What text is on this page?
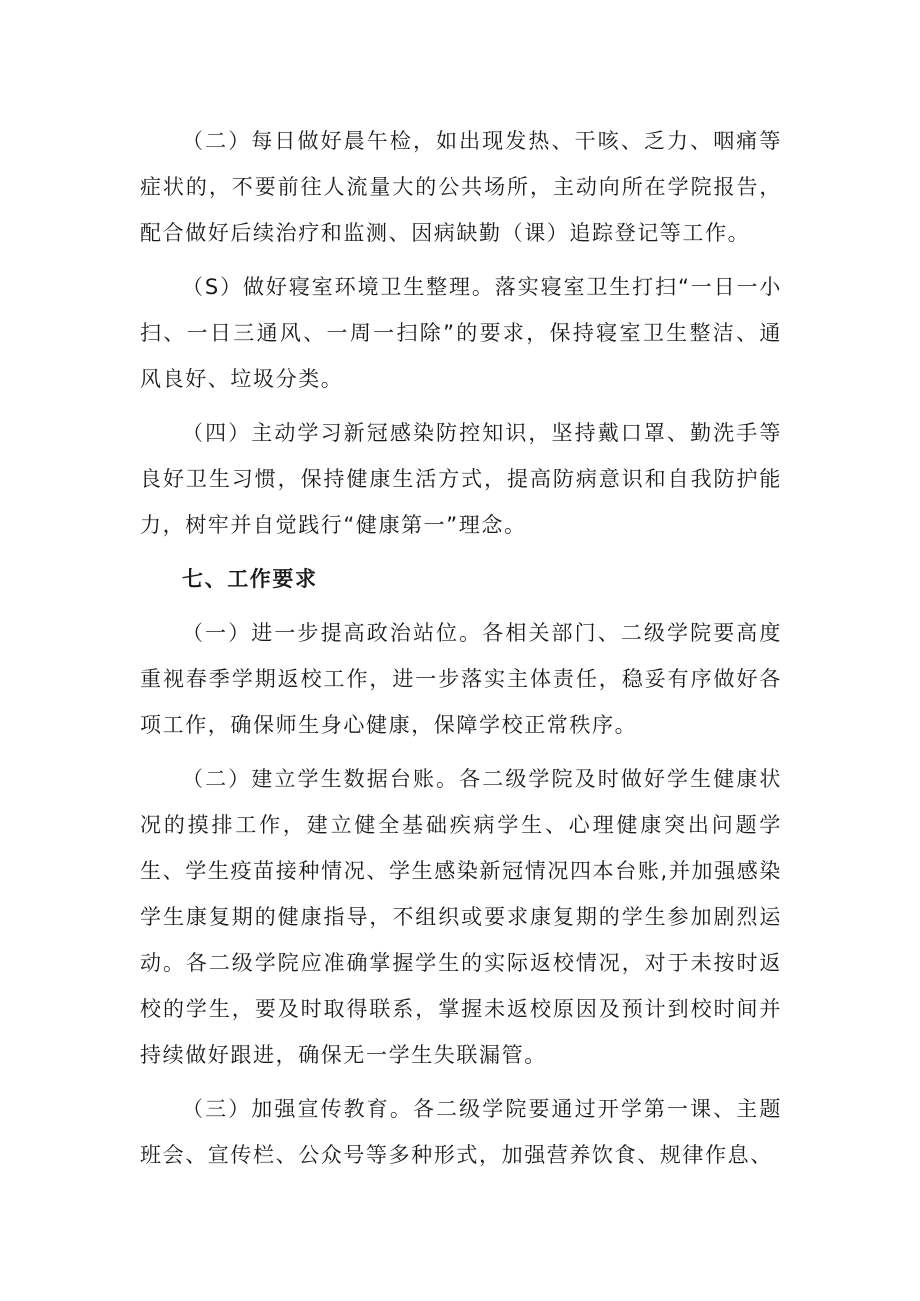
（二）每日做好晨午检，如出现发热、干咳、乏力、咽痛等症状的，不要前往人流量大的公共场所，主动向所在学院报告，配合做好后续治疗和监测、因病缺勤（课）追踪登记等工作。

（S）做好寝室环境卫生整理。落实寝室卫生打扫“一日一小扫、一日三通风、一周一扫除”的要求，保持寝室卫生整洁、通风良好、垃圾分类。

（四）主动学习新冠感染防控知识，坚持戴口罩、勤洗手等良好卫生习惯，保持健康生活方式，提高防病意识和自我防护能力，树牢并自觉践行“健康第一”理念。

七、工作要求

（一）进一步提高政治站位。各相关部门、二级学院要高度重视春季学期返校工作，进一步落实主体责任，稳妥有序做好各项工作，确保师生身心健康，保障学校正常秩序。

（二）建立学生数据台账。各二级学院及时做好学生健康状况的摸排工作，建立健全基础疾病学生、心理健康突出问题学生、学生疫苗接种情况、学生感染新冠情况四本台账,并加强感染学生康复期的健康指导，不组织或要求康复期的学生参加剧烈运动。各二级学院应准确掌握学生的实际返校情况，对于未按时返校的学生，要及时取得联系，掌握未返校原因及预计到校时间并持续做好跟进，确保无一学生失联漏管。

（三）加强宣传教育。各二级学院要通过开学第一课、主题班会、宣传栏、公众号等多种形式，加强营养饮食、规律作息、
